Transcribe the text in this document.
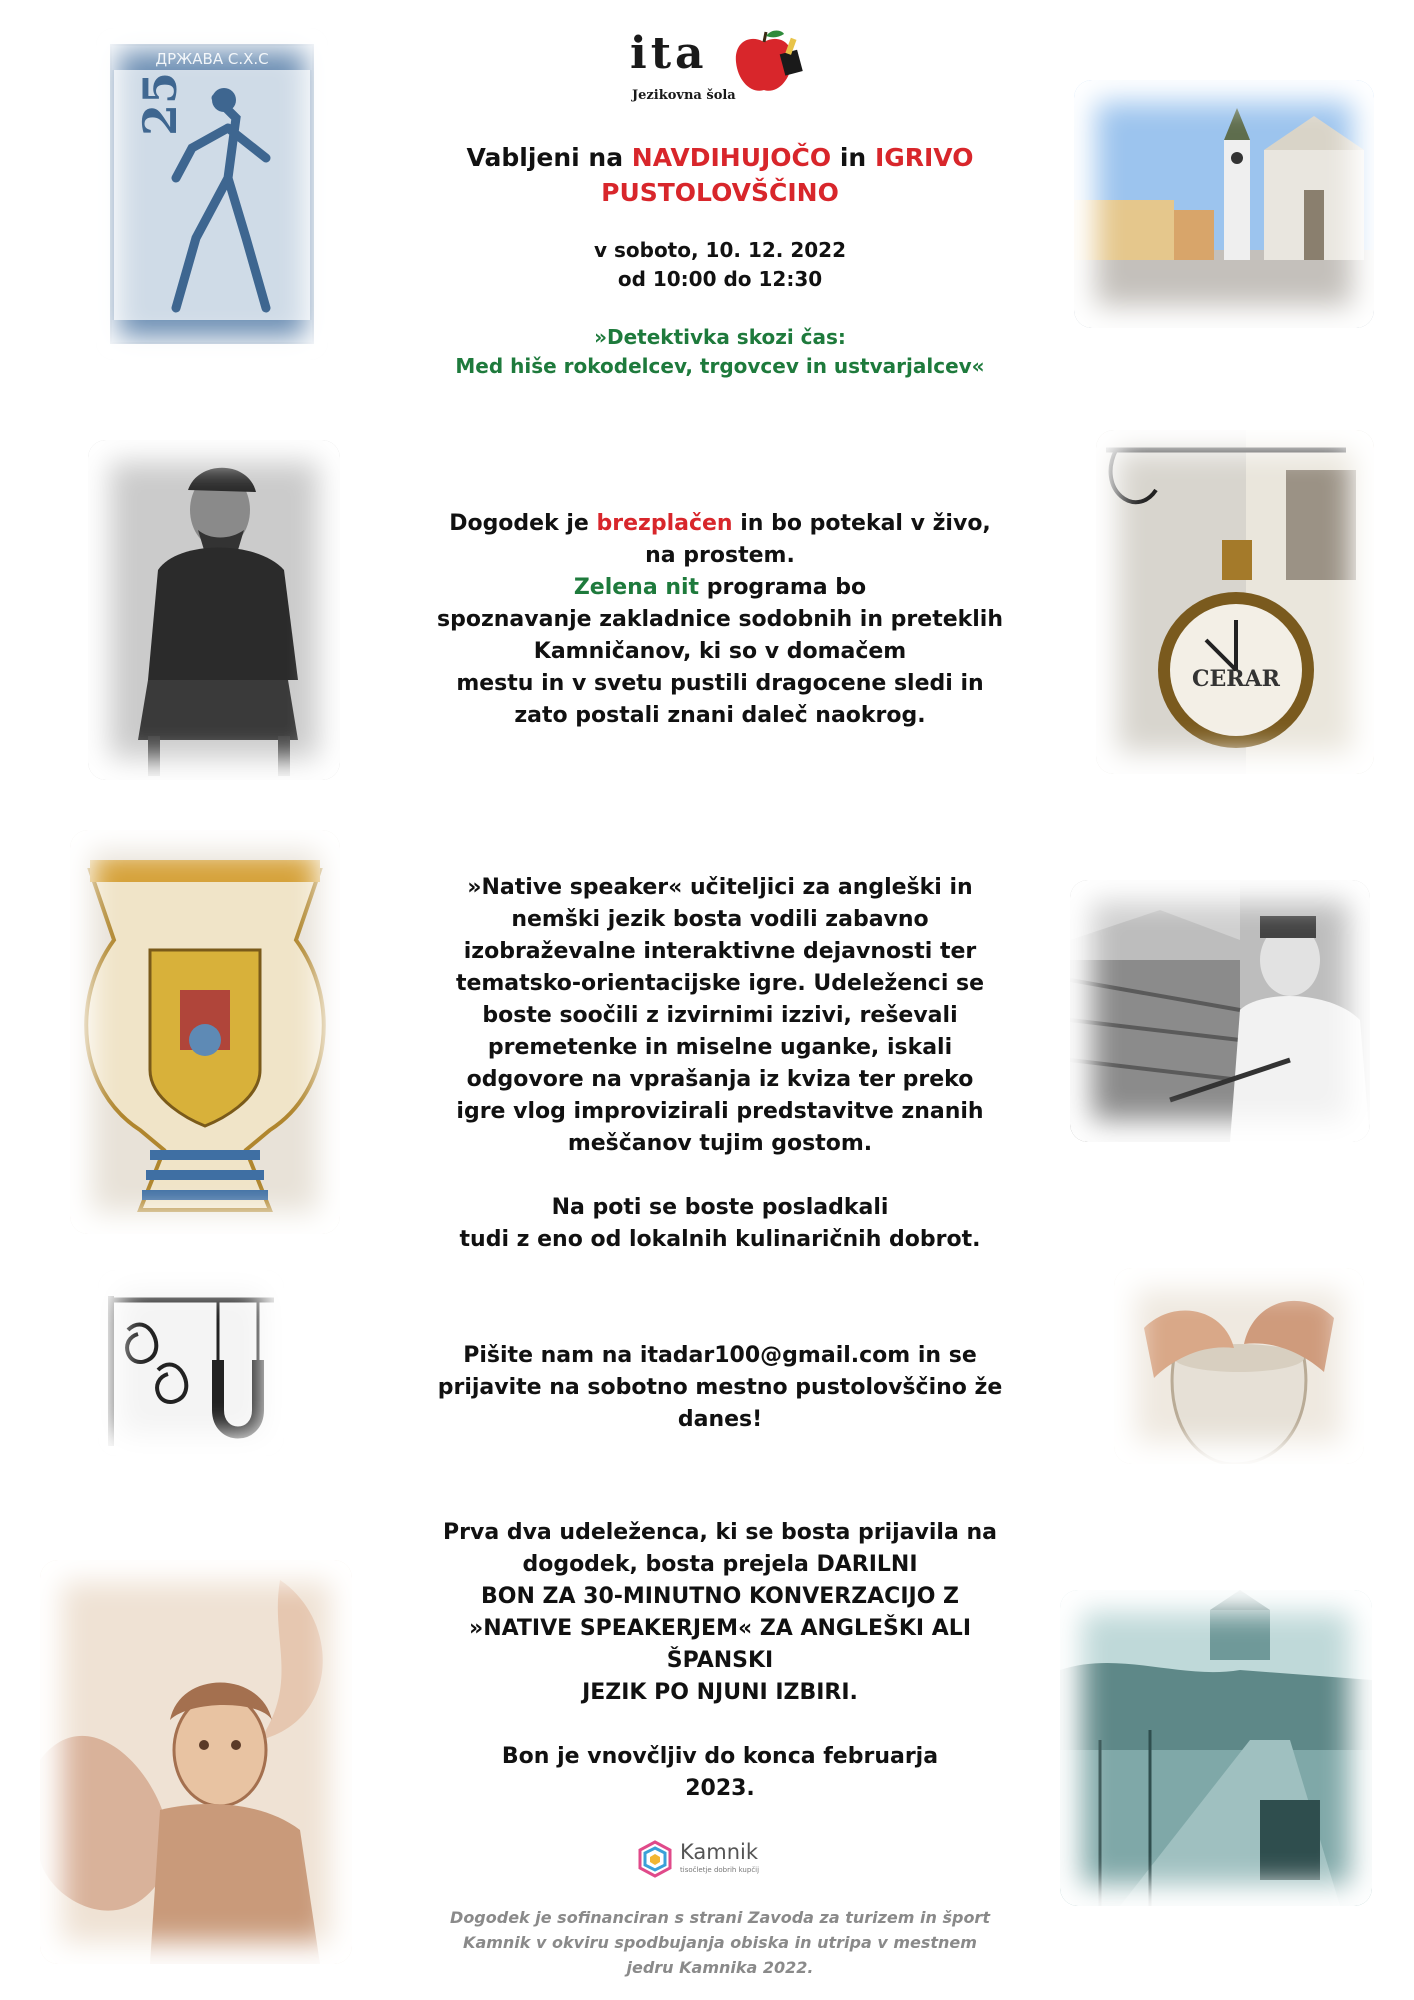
ita
Jezikovna šola
Vabljeni na NAVDIHUJOČO in IGRIVO
PUSTOLOVŠČINO
v soboto, 10. 12. 2022
od 10:00 do 12:30
»Detektivka skozi čas:
Med hiše rokodelcev, trgovcev in ustvarjalcev«
Dogodek je brezplačen in bo potekal v živo,
na prostem.
Zelena nit programa bo
spoznavanje zakladnice sodobnih in preteklih
Kamničanov, ki so v domačem
mestu in v svetu pustili dragocene sledi in
zato postali znani daleč naokrog.
»Native speaker« učiteljici za angleški in
nemški jezik bosta vodili zabavno
izobraževalne interaktivne dejavnosti ter
tematsko-orientacijske igre. Udeleženci se
boste soočili z izvirnimi izzivi, reševali
premetenke in miselne uganke, iskali
odgovore na vprašanja iz kviza ter preko
igre vlog improvizirali predstavitve znanih
meščanov tujim gostom.
Na poti se boste posladkali
tudi z eno od lokalnih kulinaričnih dobrot.
Pišite nam na itadar100@gmail.com in se
prijavite na sobotno mestno pustolovščino že
danes!
Prva dva udeleženca, ki se bosta prijavila na
dogodek, bosta prejela DARILNI
BON ZA 30-MINUTNO KONVERZACIJO Z
»NATIVE SPEAKERJEM« ZA ANGLEŠKI ALI
ŠPANSKI
JEZIK PO NJUNI IZBIRI.
Bon je vnovčljiv do konca februarja
2023.
Kamnik
tisočletje dobrih kupčij
Dogodek je sofinanciran s strani Zavoda za turizem in šport
Kamnik v okviru spodbujanja obiska in utripa v mestnem
jedru Kamnika 2022.
ДРЖАВА С.Х.С
25
CERAR
